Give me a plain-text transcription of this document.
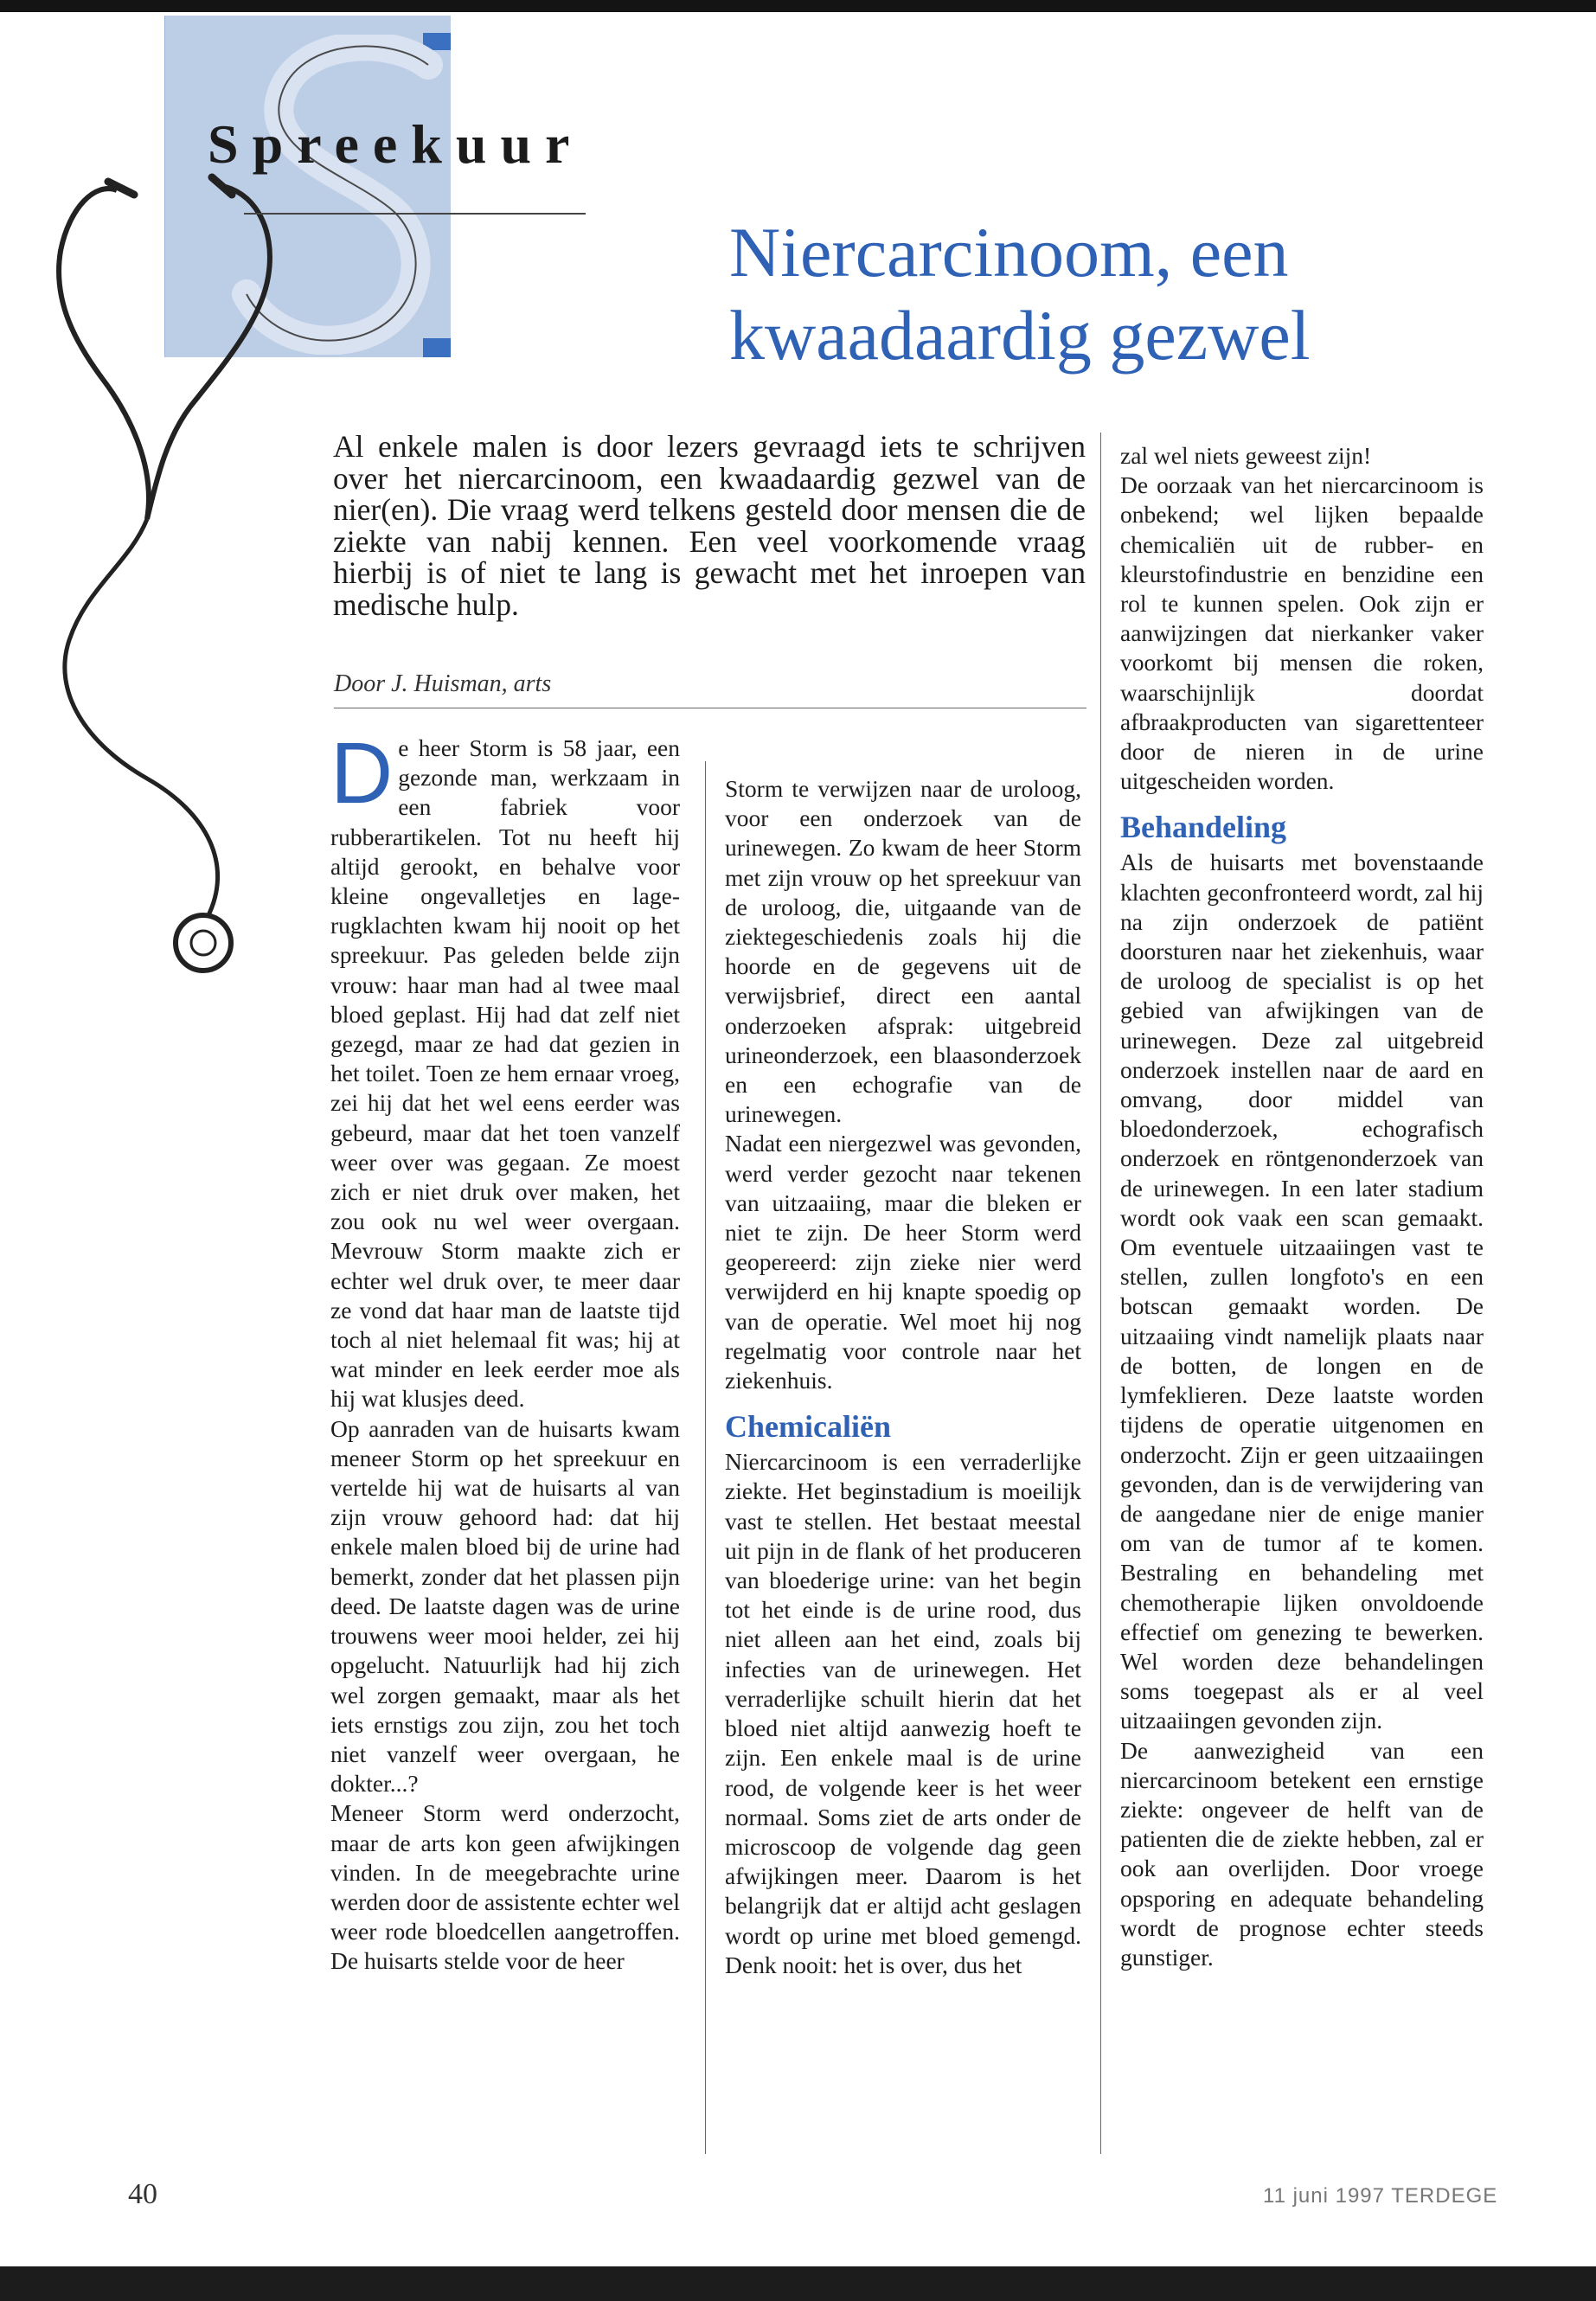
Spreekuur
Niercarcinoom, een kwaadaardig gezwel

Al enkele malen is door lezers gevraagd iets te schrijven over het niercarcinoom, een kwaadaardig gezwel van de nier(en). Die vraag werd telkens gesteld door mensen die de ziekte van nabij kennen. Een veel voorkomende vraag hierbij is of niet te lang is gewacht met het inroepen van medische hulp.

Door J. Huisman, arts

De heer Storm is 58 jaar, een gezonde man, werkzaam in een fabriek voor rubberartikelen. Tot nu heeft hij altijd gerookt, en behalve voor kleine ongevalletjes en lage-rugklachten kwam hij nooit op het spreekuur. Pas geleden belde zijn vrouw: haar man had al twee maal bloed geplast. Hij had dat zelf niet gezegd, maar ze had dat gezien in het toilet. Toen ze hem ernaar vroeg, zei hij dat het wel eens eerder was gebeurd, maar dat het toen vanzelf weer over was gegaan. Ze moest zich er niet druk over maken, het zou ook nu wel weer overgaan. Mevrouw Storm maakte zich er echter wel druk over, te meer daar ze vond dat haar man de laatste tijd toch al niet helemaal fit was; hij at wat minder en leek eerder moe als hij wat klusjes deed.

Op aanraden van de huisarts kwam meneer Storm op het spreekuur en vertelde hij wat de huisarts al van zijn vrouw gehoord had: dat hij enkele malen bloed bij de urine had bemerkt, zonder dat het plassen pijn deed. De laatste dagen was de urine trouwens weer mooi helder, zei hij opgelucht. Natuurlijk had hij zich wel zorgen gemaakt, maar als het iets ernstigs zou zijn, zou het toch niet vanzelf weer overgaan, he dokter...?

Meneer Storm werd onderzocht, maar de arts kon geen afwijkingen vinden. In de meegebrachte urine werden door de assistente echter wel weer rode bloedcellen aangetroffen. De huisarts stelde voor de heer

Storm te verwijzen naar de uroloog, voor een onderzoek van de urinewegen. Zo kwam de heer Storm met zijn vrouw op het spreekuur van de uroloog, die, uitgaande van de ziektegeschiedenis zoals hij die hoorde en de gegevens uit de verwijsbrief, direct een aantal onderzoeken afsprak: uitgebreid urineonderzoek, een blaasonderzoek en een echografie van de urinewegen.

Nadat een niergezwel was gevonden, werd verder gezocht naar tekenen van uitzaaiing, maar die bleken er niet te zijn. De heer Storm werd geopereerd: zijn zieke nier werd verwijderd en hij knapte spoedig op van de operatie. Wel moet hij nog regelmatig voor controle naar het ziekenhuis.

Chemicaliën

Niercarcinoom is een verraderlijke ziekte. Het beginstadium is moeilijk vast te stellen. Het bestaat meestal uit pijn in de flank of het produceren van bloederige urine: van het begin tot het einde is de urine rood, dus niet alleen aan het eind, zoals bij infecties van de urinewegen. Het verraderlijke schuilt hierin dat het bloed niet altijd aanwezig hoeft te zijn. Een enkele maal is de urine rood, de volgende keer is het weer normaal. Soms ziet de arts onder de microscoop de volgende dag geen afwijkingen meer. Daarom is het belangrijk dat er altijd acht geslagen wordt op urine met bloed gemengd. Denk nooit: het is over, dus het

zal wel niets geweest zijn!

De oorzaak van het niercarcinoom is onbekend; wel lijken bepaalde chemicaliën uit de rubber- en kleurstofindustrie en benzidine een rol te kunnen spelen. Ook zijn er aanwijzingen dat nierkanker vaker voorkomt bij mensen die roken, waarschijnlijk doordat afbraakproducten van sigarettenteer door de nieren in de urine uitgescheiden worden.

Behandeling

Als de huisarts met bovenstaande klachten geconfronteerd wordt, zal hij na zijn onderzoek de patiënt doorsturen naar het ziekenhuis, waar de uroloog de specialist is op het gebied van afwijkingen van de urinewegen. Deze zal uitgebreid onderzoek instellen naar de aard en omvang, door middel van bloedonderzoek, echografisch onderzoek en röntgenonderzoek van de urinewegen. In een later stadium wordt ook vaak een scan gemaakt. Om eventuele uitzaaiingen vast te stellen, zullen longfoto's en een botscan gemaakt worden. De uitzaaiing vindt namelijk plaats naar de botten, de longen en de lymfeklieren. Deze laatste worden tijdens de operatie uitgenomen en onderzocht. Zijn er geen uitzaaiingen gevonden, dan is de verwijdering van de aangedane nier de enige manier om van de tumor af te komen. Bestraling en behandeling met chemotherapie lijken onvoldoende effectief om genezing te bewerken. Wel worden deze behandelingen soms toegepast als er al veel uitzaaiingen gevonden zijn.

De aanwezigheid van een niercarcinoom betekent een ernstige ziekte: ongeveer de helft van de patienten die de ziekte hebben, zal er ook aan overlijden. Door vroege opsporing en adequate behandeling wordt de prognose echter steeds gunstiger.

40	11 juni 1997 TERDEGE
